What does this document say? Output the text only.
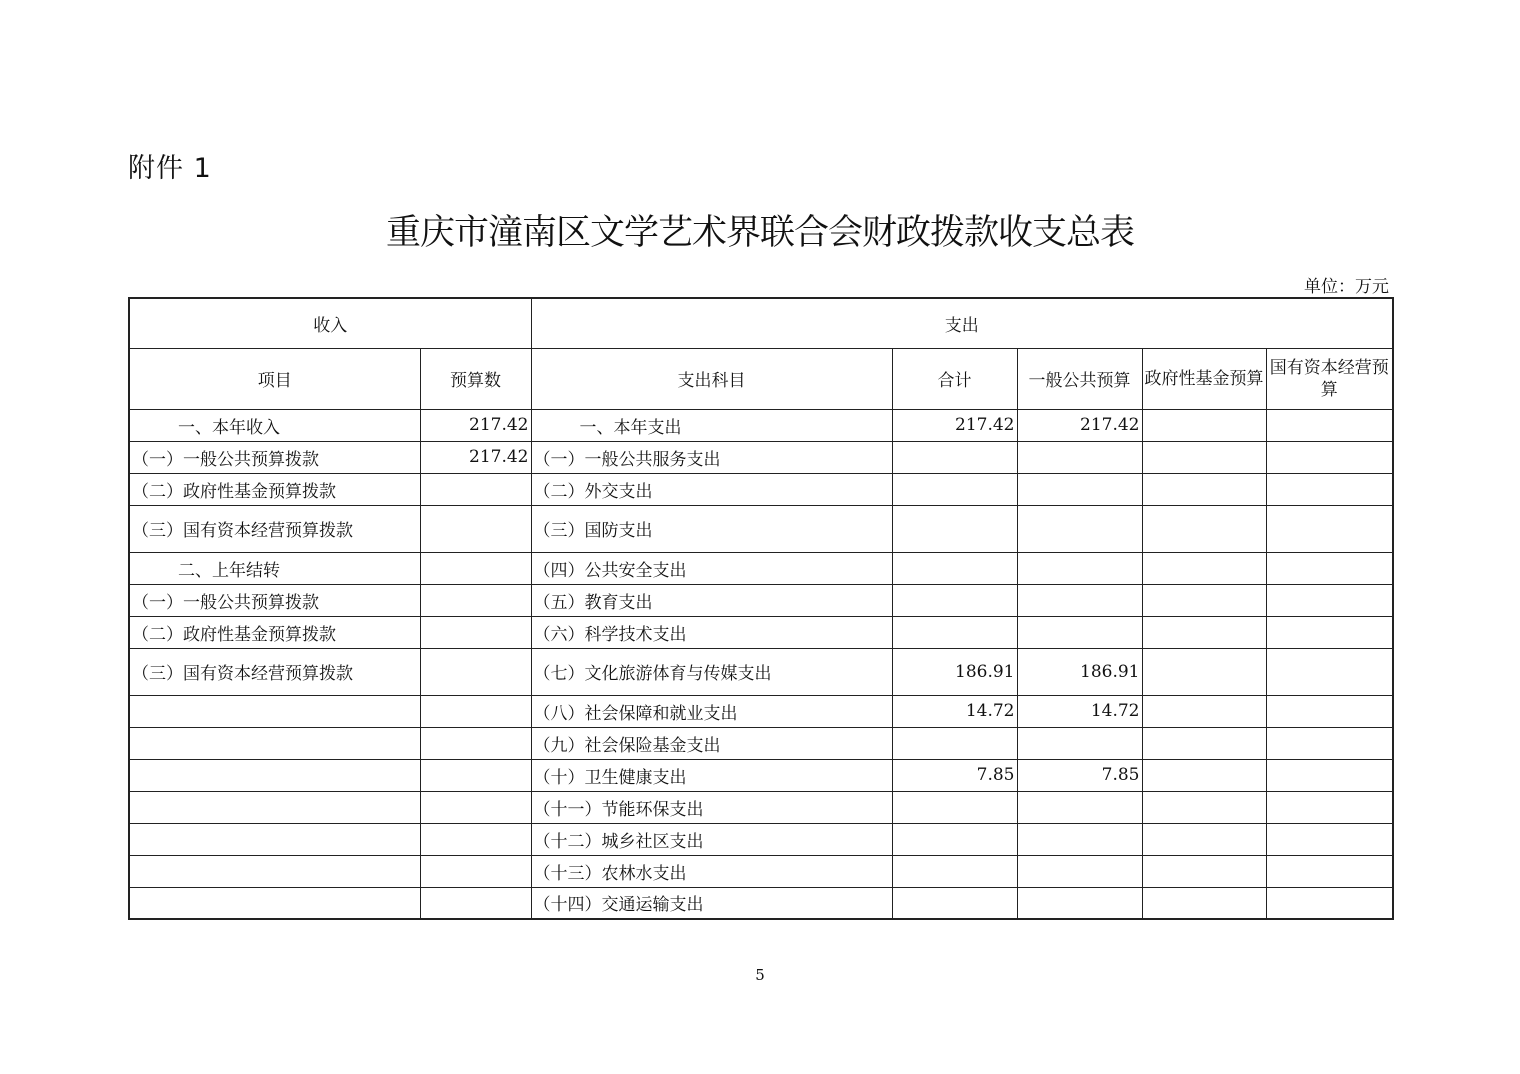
附件 1
重庆市潼南区文学艺术界联合会财政拨款收支总表
单位：万元
收入		支出				
项目	预算数	支出科目	合计	一般公共预算	政府性基金预算	国有资本经营预算
一、本年收入	217.42	一、本年支出	217.42	217.42		
（一）一般公共预算拨款	217.42	（一）一般公共服务支出				
（二）政府性基金预算拨款		（二）外交支出				
（三）国有资本经营预算拨款		（三）国防支出				
二、上年结转		（四）公共安全支出				
（一）一般公共预算拨款		（五）教育支出				
（二）政府性基金预算拨款		（六）科学技术支出				
（三）国有资本经营预算拨款		（七）文化旅游体育与传媒支出	186.91	186.91		
		（八）社会保障和就业支出	14.72	14.72		
		（九）社会保险基金支出				
		（十）卫生健康支出	7.85	7.85		
		（十一）节能环保支出				
		（十二）城乡社区支出				
		（十三）农林水支出				
		（十四）交通运输支出				
5
